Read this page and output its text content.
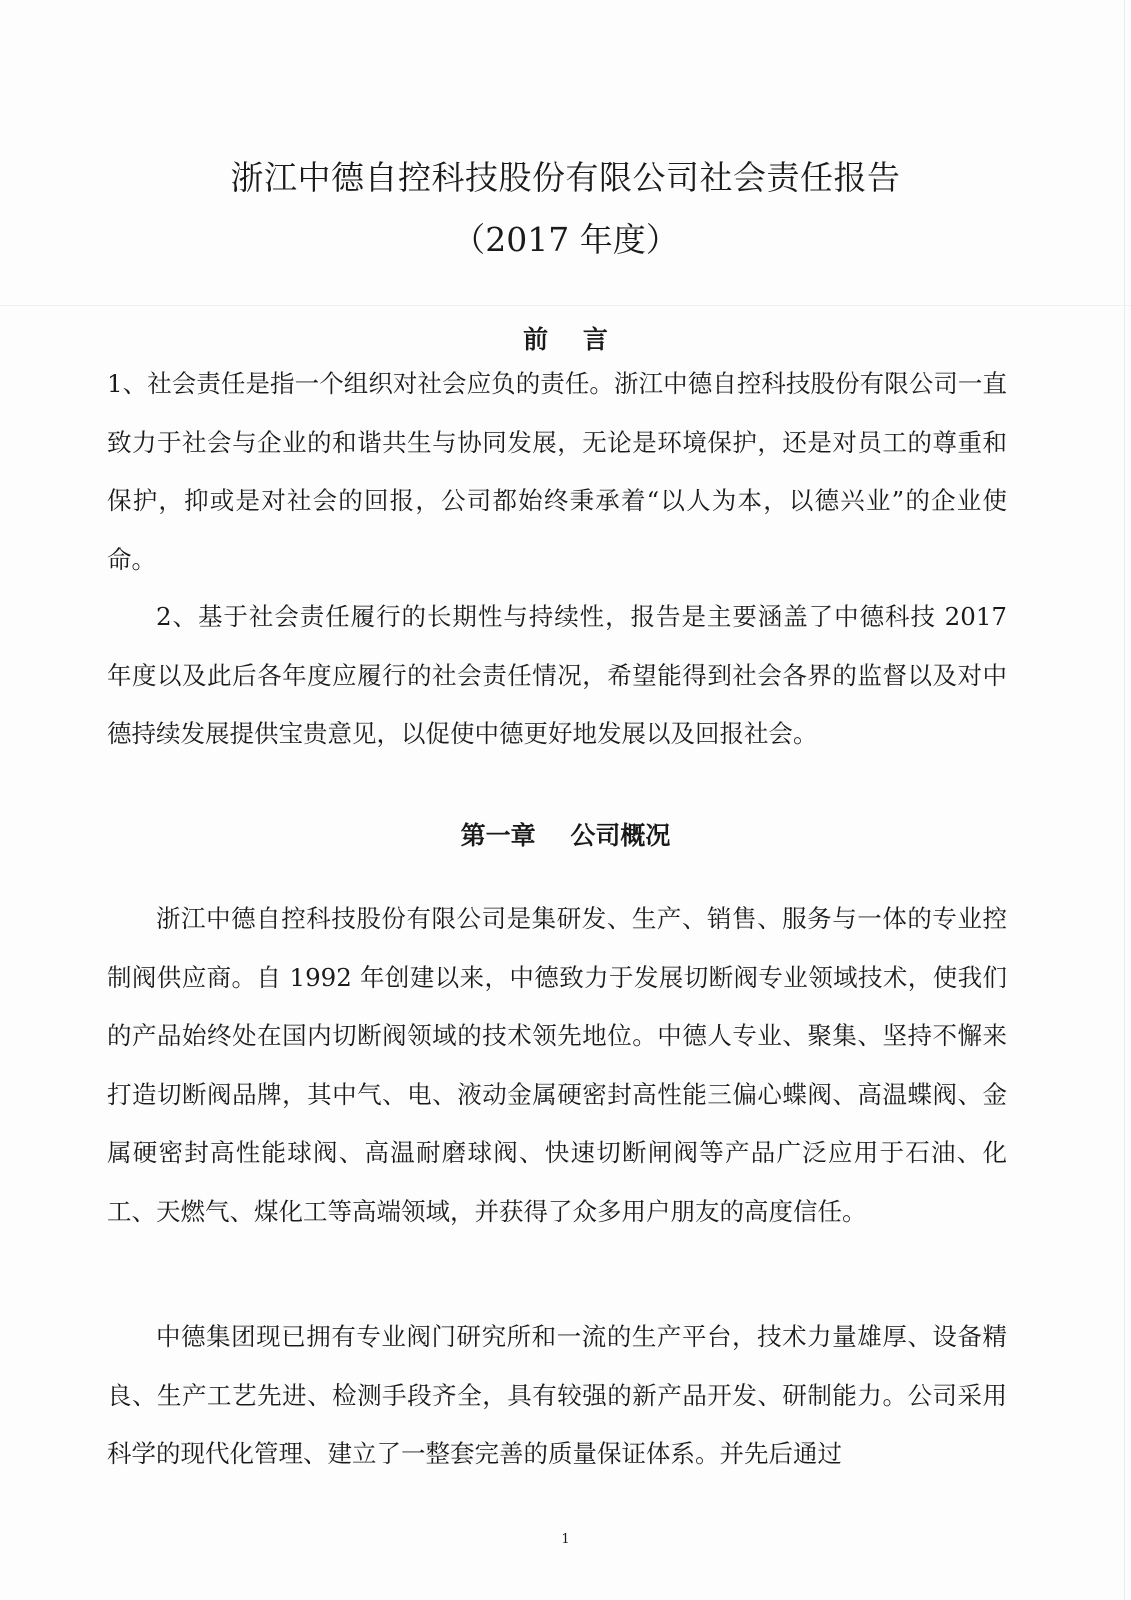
浙江中德自控科技股份有限公司社会责任报告
（2017 年度）
前    言

1、社会责任是指一个组织对社会应负的责任。浙江中德自控科技股份有限公司一直致力于社会与企业的和谐共生与协同发展，无论是环境保护，还是对员工的尊重和保护，抑或是对社会的回报，公司都始终秉承着“以人为本，以德兴业”的企业使命。

2、基于社会责任履行的长期性与持续性，报告是主要涵盖了中德科技 2017 年度以及此后各年度应履行的社会责任情况，希望能得到社会各界的监督以及对中德持续发展提供宝贵意见，以促使中德更好地发展以及回报社会。

第一章    公司概况

浙江中德自控科技股份有限公司是集研发、生产、销售、服务与一体的专业控制阀供应商。自 1992 年创建以来，中德致力于发展切断阀专业领域技术，使我们的产品始终处在国内切断阀领域的技术领先地位。中德人专业、聚集、坚持不懈来打造切断阀品牌，其中气、电、液动金属硬密封高性能三偏心蝶阀、高温蝶阀、金属硬密封高性能球阀、高温耐磨球阀、快速切断闸阀等产品广泛应用于石油、化工、天燃气、煤化工等高端领域，并获得了众多用户朋友的高度信任。

中德集团现已拥有专业阀门研究所和一流的生产平台，技术力量雄厚、设备精良、生产工艺先进、检测手段齐全，具有较强的新产品开发、研制能力。公司采用科学的现代化管理、建立了一整套完善的质量保证体系。并先后通过

1
